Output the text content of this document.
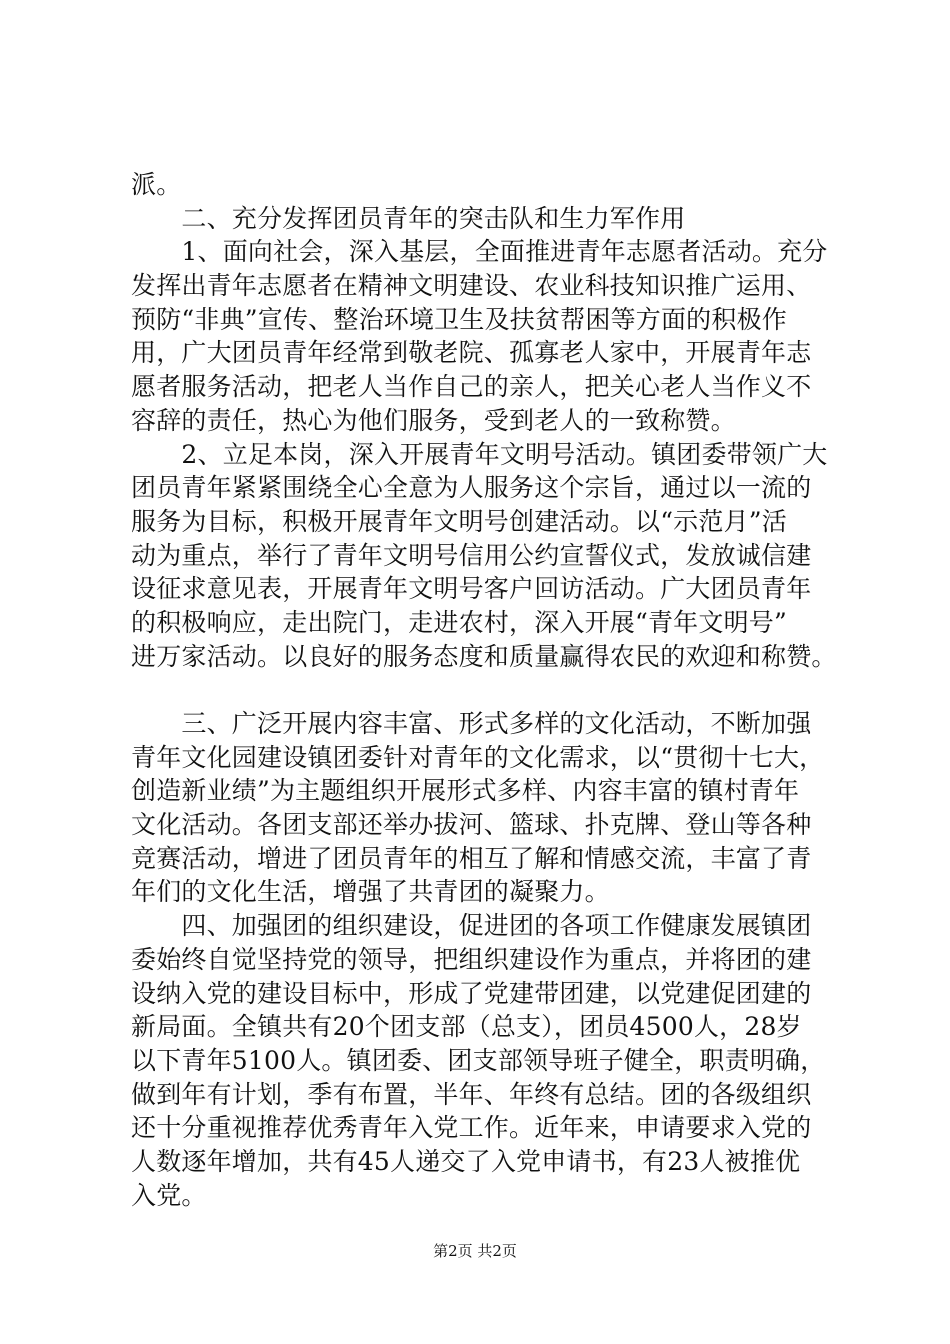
派。
　　二、充分发挥团员青年的突击队和生力军作用
　　1、面向社会，深入基层，全面推进青年志愿者活动。充分
发挥出青年志愿者在精神文明建设、农业科技知识推广运用、
预防“非典”宣传、整治环境卫生及扶贫帮困等方面的积极作
用，广大团员青年经常到敬老院、孤寡老人家中，开展青年志
愿者服务活动，把老人当作自己的亲人，把关心老人当作义不
容辞的责任，热心为他们服务，受到老人的一致称赞。
　　2、立足本岗，深入开展青年文明号活动。镇团委带领广大
团员青年紧紧围绕全心全意为人服务这个宗旨，通过以一流的
服务为目标，积极开展青年文明号创建活动。以“示范月”活
动为重点，举行了青年文明号信用公约宣誓仪式，发放诚信建
设征求意见表，开展青年文明号客户回访活动。广大团员青年
的积极响应，走出院门，走进农村，深入开展“青年文明号”
进万家活动。以良好的服务态度和质量赢得农民的欢迎和称赞。
　　三、广泛开展内容丰富、形式多样的文化活动，不断加强
青年文化园建设镇团委针对青年的文化需求，以“贯彻十七大，
创造新业绩”为主题组织开展形式多样、内容丰富的镇村青年
文化活动。各团支部还举办拔河、篮球、扑克牌、登山等各种
竞赛活动，增进了团员青年的相互了解和情感交流，丰富了青
年们的文化生活，增强了共青团的凝聚力。
　　四、加强团的组织建设，促进团的各项工作健康发展镇团
委始终自觉坚持党的领导，把组织建设作为重点，并将团的建
设纳入党的建设目标中，形成了党建带团建，以党建促团建的
新局面。全镇共有20个团支部（总支），团员4500人，28岁
以下青年5100人。镇团委、团支部领导班子健全，职责明确，
做到年有计划，季有布置，半年、年终有总结。团的各级组织
还十分重视推荐优秀青年入党工作。近年来，申请要求入党的
人数逐年增加，共有45人递交了入党申请书，有23人被推优
入党。
第2页 共2页
